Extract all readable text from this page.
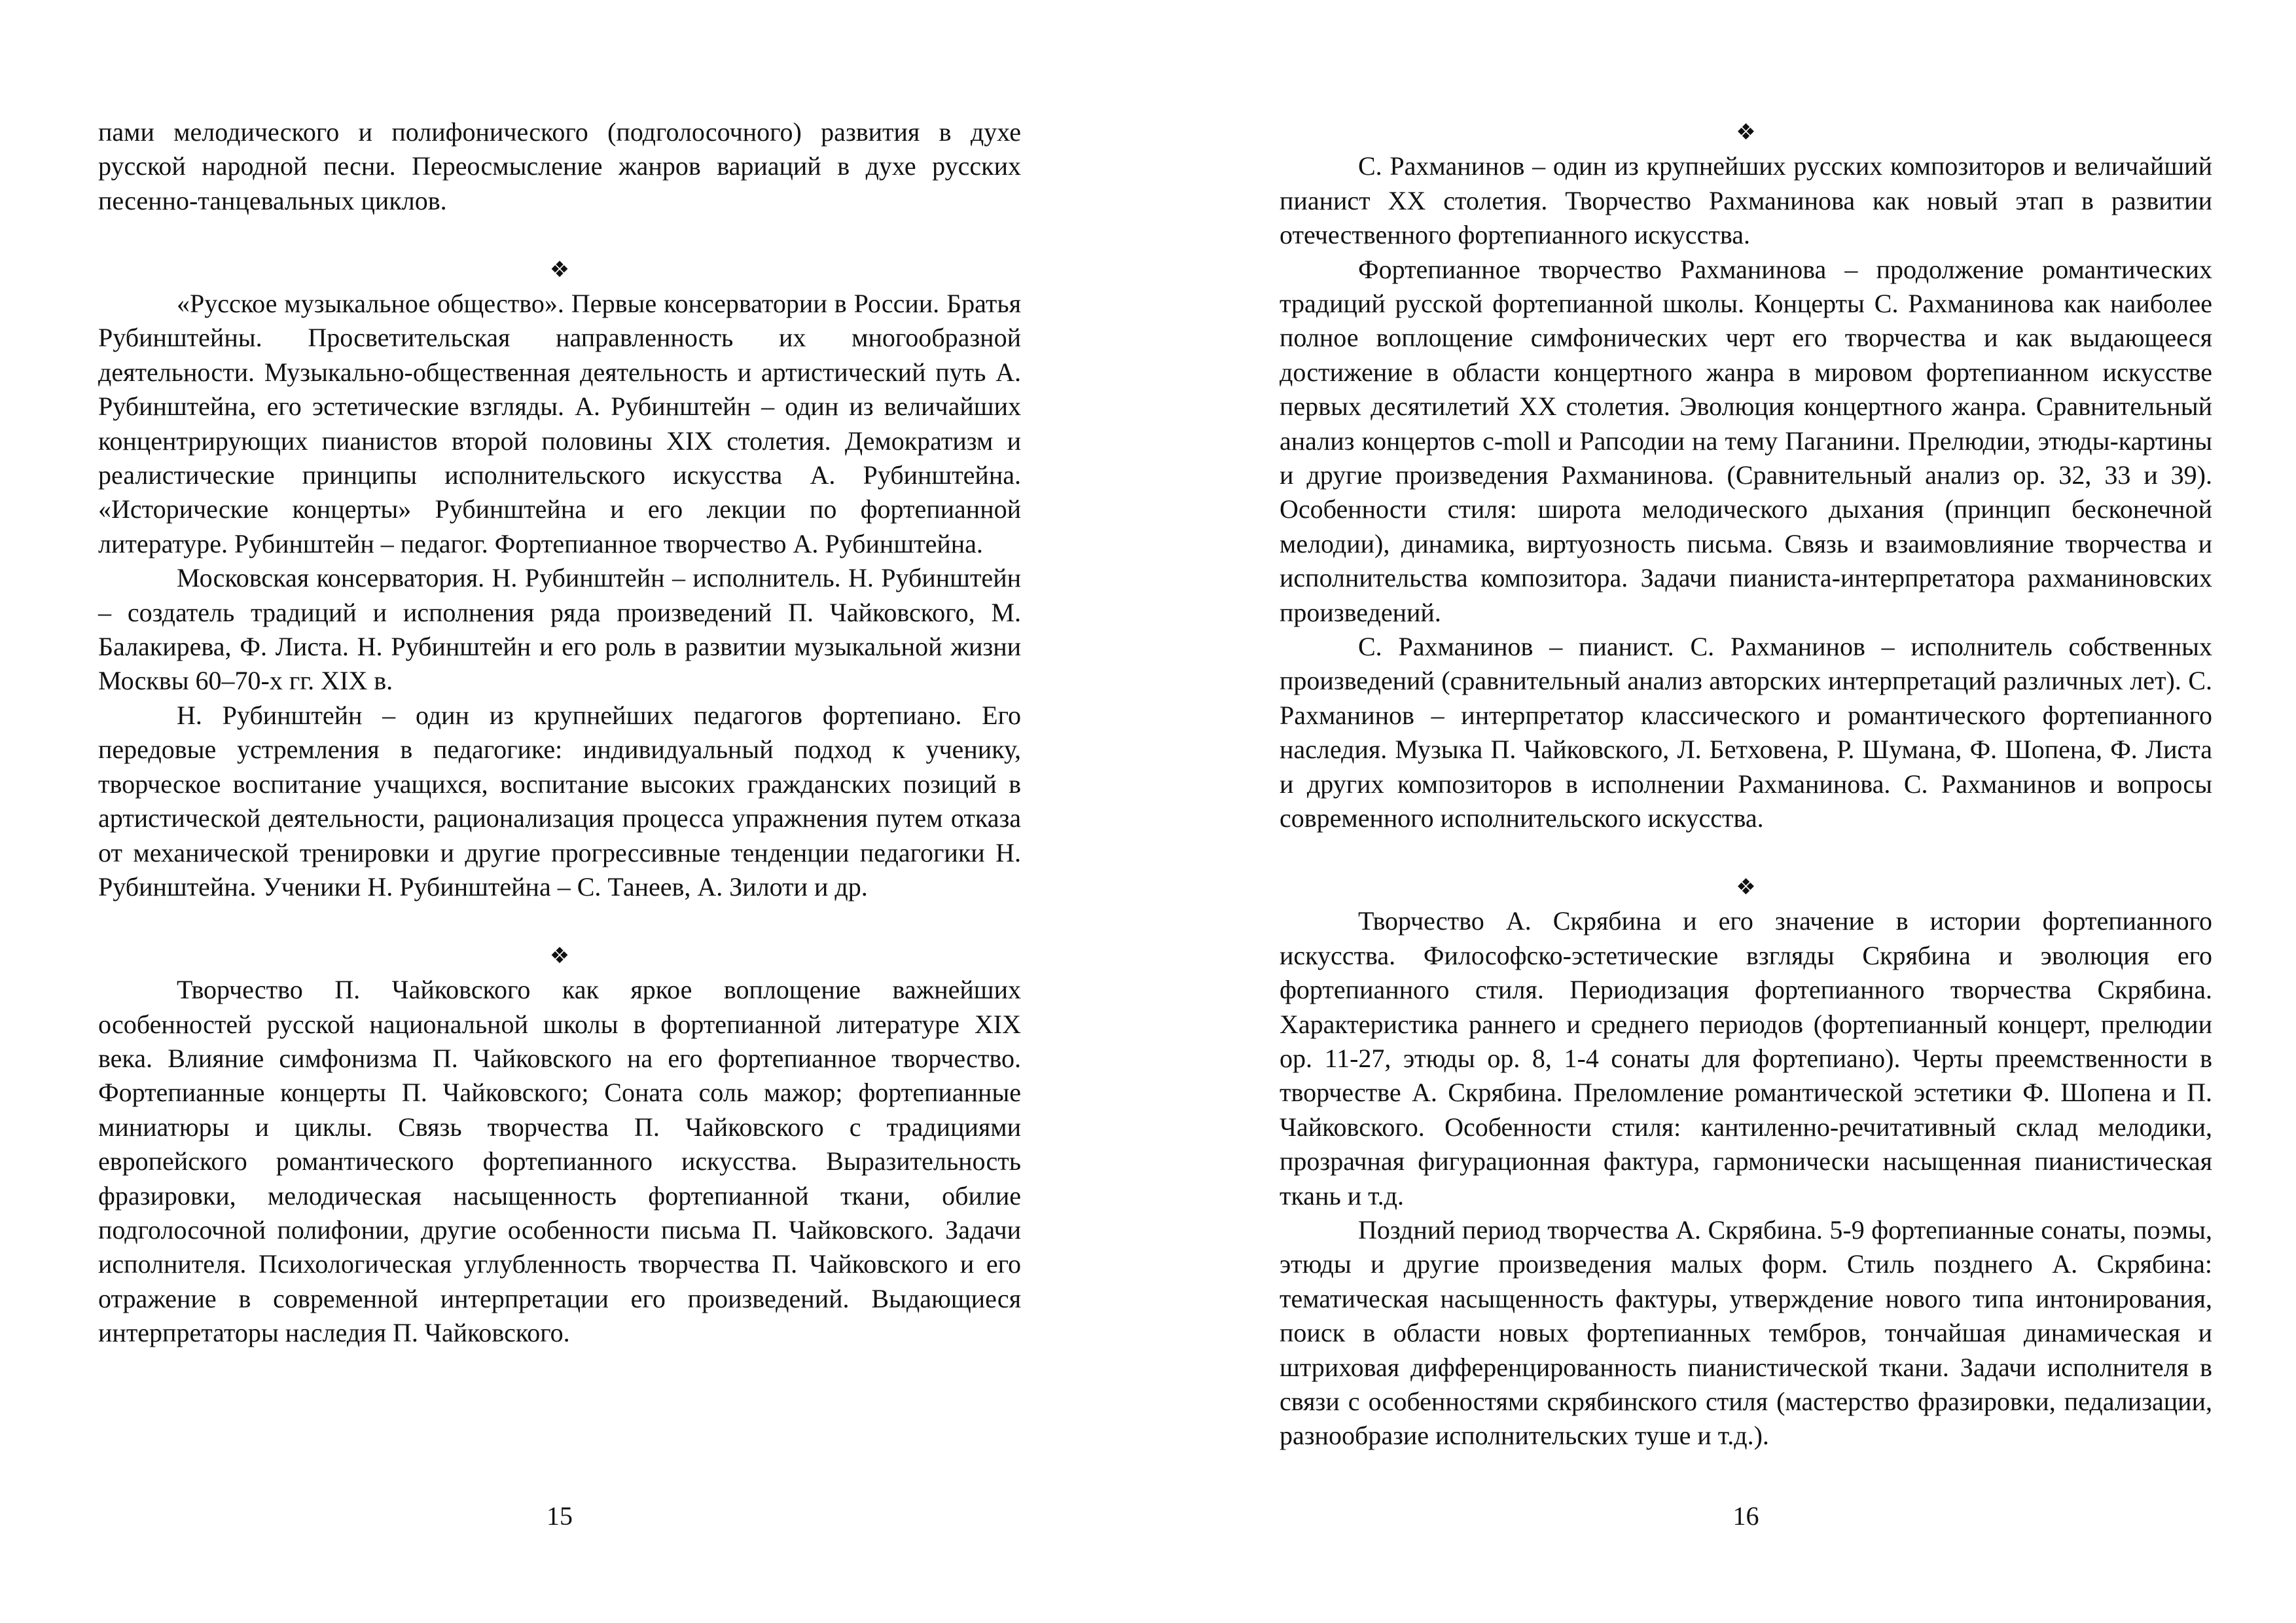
пами мелодического и полифонического (подголосочного) развития в духе русской народной песни. Переосмысление жанров вариаций в духе русских песенно-танцевальных циклов.

❖

«Русское музыкальное общество». Первые консерватории в России. Братья Рубинштейны. Просветительская направленность их многообразной деятельности. Музыкально-общественная деятельность и артистический путь А. Рубинштейна, его эстетические взгляды. А. Рубинштейн – один из величайших концентрирующих пианистов второй половины XIX столетия. Демократизм и реалистические принципы исполнительского искусства А. Рубинштейна. «Исторические концерты» Рубинштейна и его лекции по фортепианной литературе. Рубинштейн – педагог. Фортепианное творчество А. Рубинштейна.

Московская консерватория. Н. Рубинштейн – исполнитель. Н. Рубинштейн – создатель традиций и исполнения ряда произведений П. Чайковского, М. Балакирева, Ф. Листа. Н. Рубинштейн и его роль в развитии музыкальной жизни Москвы 60–70-х гг. XIX в.

Н. Рубинштейн – один из крупнейших педагогов фортепиано. Его передовые устремления в педагогике: индивидуальный подход к ученику, творческое воспитание учащихся, воспитание высоких гражданских позиций в артистической деятельности, рационализация процесса упражнения путем отказа от механической тренировки и другие прогрессивные тенденции педагогики Н. Рубинштейна. Ученики Н. Рубинштейна – С. Танеев, А. Зилоти и др.

❖

Творчество П. Чайковского как яркое воплощение важнейших особенностей русской национальной школы в фортепианной литературе XIX века. Влияние симфонизма П. Чайковского на его фортепианное творчество. Фортепианные концерты П. Чайковского; Соната соль мажор; фортепианные миниатюры и циклы. Связь творчества П. Чайковского с традициями европейского романтического фортепианного искусства. Выразительность фразировки, мелодическая насыщенность фортепианной ткани, обилие подголосочной полифонии, другие особенности письма П. Чайковского. Задачи исполнителя. Психологическая углубленность творчества П. Чайковского и его отражение в современной интерпретации его произведений. Выдающиеся интерпретаторы наследия П. Чайковского.

15
❖

С. Рахманинов – один из крупнейших русских композиторов и величайший пианист XX столетия. Творчество Рахманинова как новый этап в развитии отечественного фортепианного искусства.

Фортепианное творчество Рахманинова – продолжение романтических традиций русской фортепианной школы. Концерты С. Рахманинова как наиболее полное воплощение симфонических черт его творчества и как выдающееся достижение в области концертного жанра в мировом фортепианном искусстве первых десятилетий XX столетия. Эволюция концертного жанра. Сравнительный анализ концертов c-moll и Рапсодии на тему Паганини. Прелюдии, этюды-картины и другие произведения Рахманинова. (Сравнительный анализ ор. 32, 33 и 39). Особенности стиля: широта мелодического дыхания (принцип бесконечной мелодии), динамика, виртуозность письма. Связь и взаимовлияние творчества и исполнительства композитора. Задачи пианиста-интерпретатора рахманиновских произведений.

С. Рахманинов – пианист. С. Рахманинов – исполнитель собственных произведений (сравнительный анализ авторских интерпретаций различных лет). С. Рахманинов – интерпретатор классического и романтического фортепианного наследия. Музыка П. Чайковского, Л. Бетховена, Р. Шумана, Ф. Шопена, Ф. Листа и других композиторов в исполнении Рахманинова. С. Рахманинов и вопросы современного исполнительского искусства.

❖

Творчество А. Скрябина и его значение в истории фортепианного искусства. Философско-эстетические взгляды Скрябина и эволюция его фортепианного стиля. Периодизация фортепианного творчества Скрябина. Характеристика раннего и среднего периодов (фортепианный концерт, прелюдии ор. 11-27, этюды ор. 8, 1-4 сонаты для фортепиано). Черты преемственности в творчестве А. Скрябина. Преломление романтической эстетики Ф. Шопена и П. Чайковского. Особенности стиля: кантиленно-речитативный склад мелодики, прозрачная фигурационная фактура, гармонически насыщенная пианистическая ткань и т.д.

Поздний период творчества А. Скрябина. 5-9 фортепианные сонаты, поэмы, этюды и другие произведения малых форм. Стиль позднего А. Скрябина: тематическая насыщенность фактуры, утверждение нового типа интонирования, поиск в области новых фортепианных тембров, тончайшая динамическая и штриховая дифференцированность пианистической ткани. Задачи исполнителя в связи с особенностями скрябинского стиля (мастерство фразировки, педализации, разнообразие исполнительских туше и т.д.).

16
